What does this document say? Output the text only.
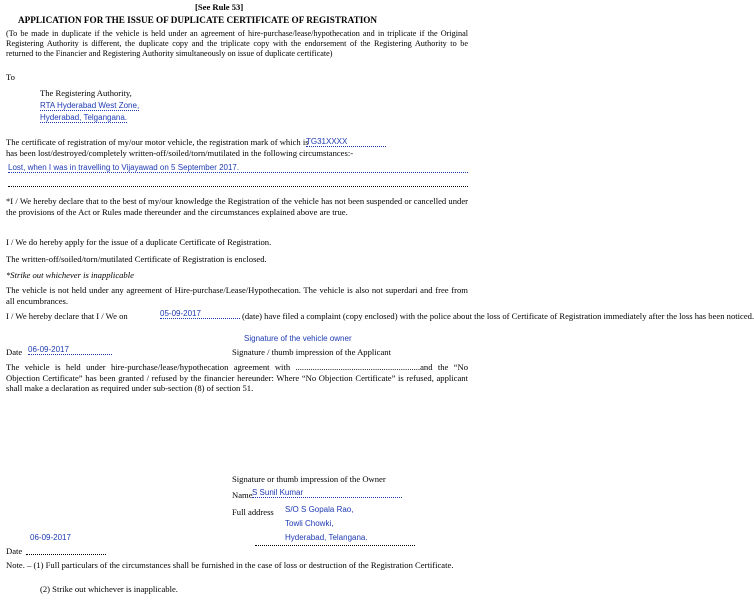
[See Rule 53]
APPLICATION FOR THE ISSUE OF DUPLICATE CERTIFICATE OF REGISTRATION
(To be made in duplicate if the vehicle is held under an agreement of hire-purchase/lease/hypothecation and in triplicate if the Original Registering Authority is different, the duplicate copy and the triplicate copy with the endorsement of the Registering Authority to be returned to the Financier and Registering Authority simultaneously on issue of duplicate certificate)
To
The Registering Authority,
RTA Hyderabad West Zone,
Hyderabad, Telgangana.
The certificate of registration of my/our motor vehicle, the registration mark of which is
TG31XXXX
has been lost/destroyed/completely written-off/soiled/torn/mutilated in the following circumstances:-
Lost, when I was in travelling to Vijayawad on 5 September 2017.
*I / We hereby declare that to the best of my/our knowledge the Registration of the vehicle has not been suspended or cancelled under the provisions of the Act or Rules made thereunder and the circumstances explained above are true.
I / We do hereby apply for the issue of a duplicate Certificate of Registration.
The written-off/soiled/torn/mutilated Certificate of Registration is enclosed.
*Strike out whichever is inapplicable
The vehicle is not held under any agreement of Hire-purchase/Lease/Hypothecation. The vehicle is also not superdari and free from all encumbrances.
I / We hereby declare that I / We on	05-09-2017	(date) have filed a complaint (copy enclosed) with the police about the loss of Certificate of Registration immediately after the loss has been noticed.
Signature of the vehicle owner
Date 06-09-2017	Signature / thumb impression of the Applicant
The vehicle is held under hire-purchase/lease/hypothecation agreement with ..........................................................and the “No Objection Certificate” has been granted / refused by the financier hereunder: Where “No Objection Certificate” is refused, applicant shall make a declaration as required under sub-section (8) of section 51.
Signature or thumb impression of the Owner
Name S Sunil Kumar
Full address S/O S Gopala Rao,
Towli Chowki,
Hyderabad, Telangana.
06-09-2017
Date
Note. – (1) Full particulars of the circumstances shall be furnished in the case of loss or destruction of the Registration Certificate.
(2) Strike out whichever is inapplicable.
